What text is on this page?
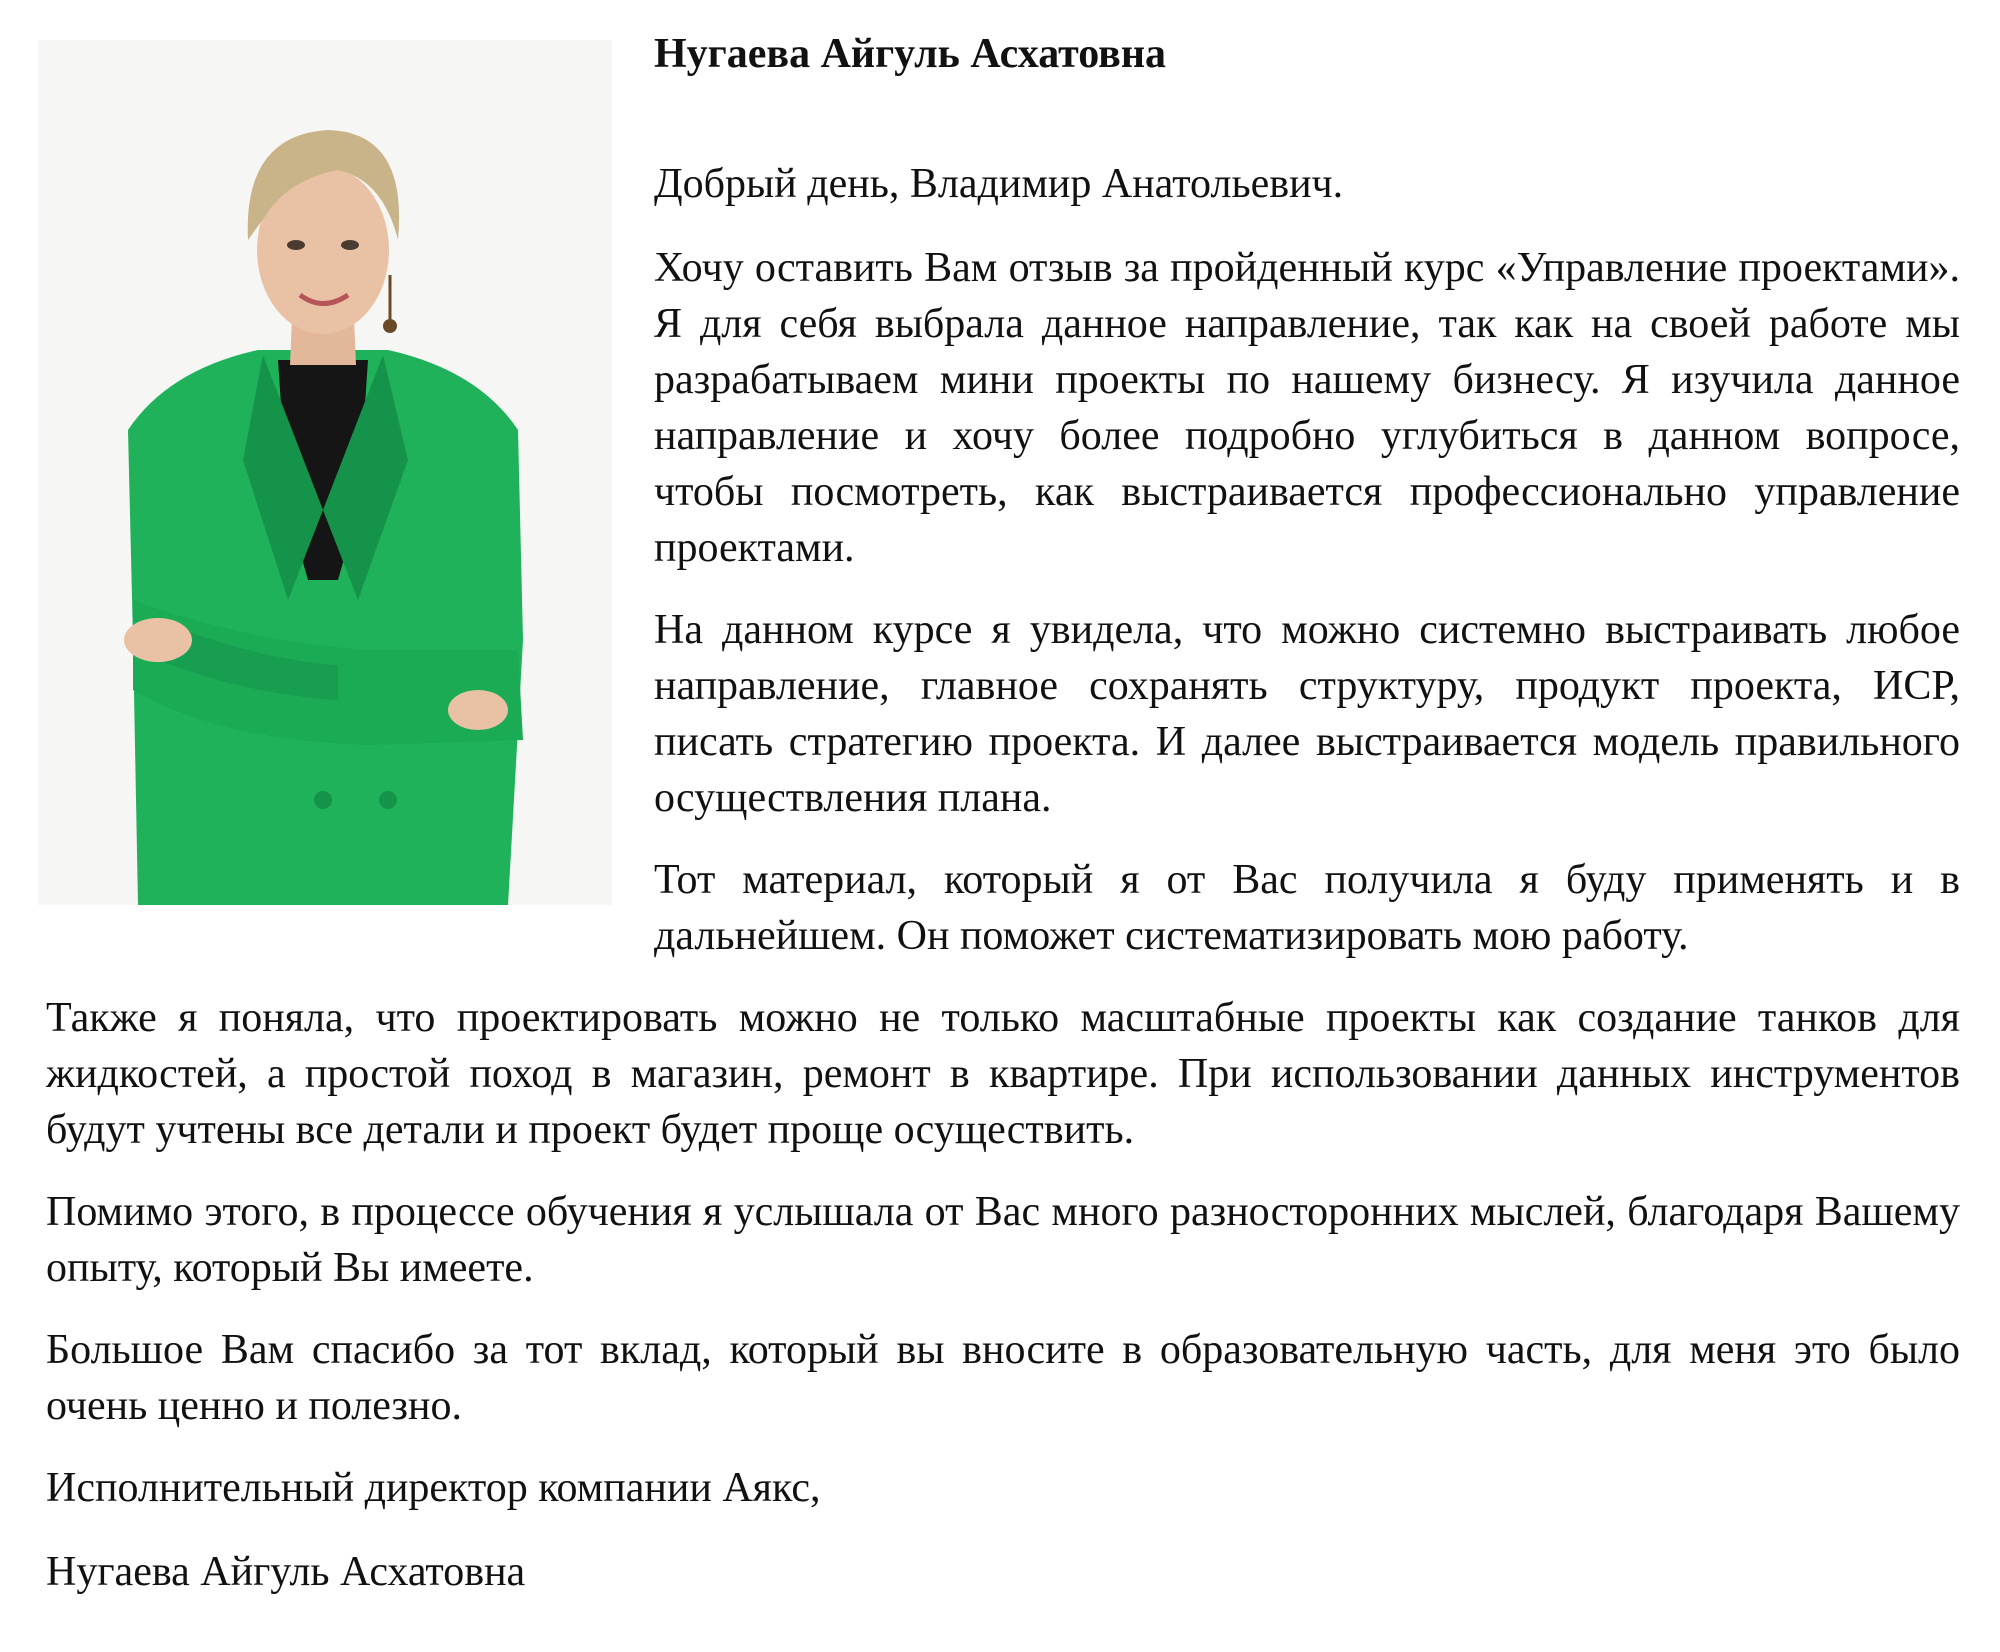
Нугаева Айгуль Асхатовна

Добрый день, Владимир Анатольевич.

Хочу оставить Вам отзыв за пройденный курс «Управление проектами». Я для себя выбрала данное направление, так как на своей работе мы разрабатываем мини проекты по нашему бизнесу. Я изучила данное направление и хочу более подробно углубиться в данном вопросе, чтобы посмотреть, как выстраивается профессионально управление проектами.

На данном курсе я увидела, что можно системно выстраивать любое направление, главное сохранять структуру, продукт проекта, ИСР, писать стратегию проекта. И далее выстраивается модель правильного осуществления плана.

Тот материал, который я от Вас получила я буду применять и в дальнейшем. Он поможет систематизировать мою работу.

Также я поняла, что проектировать можно не только масштабные проекты как создание танков для жидкостей, а простой поход в магазин, ремонт в квартире. При использовании данных инструментов будут учтены все детали и проект будет проще осуществить.

Помимо этого, в процессе обучения я услышала от Вас много разносторонних мыслей, благодаря Вашему опыту, который Вы имеете.

Большое Вам спасибо за тот вклад, который вы вносите в образовательную часть, для меня это было очень ценно и полезно.

Исполнительный директор компании Аякс,

Нугаева Айгуль Асхатовна
